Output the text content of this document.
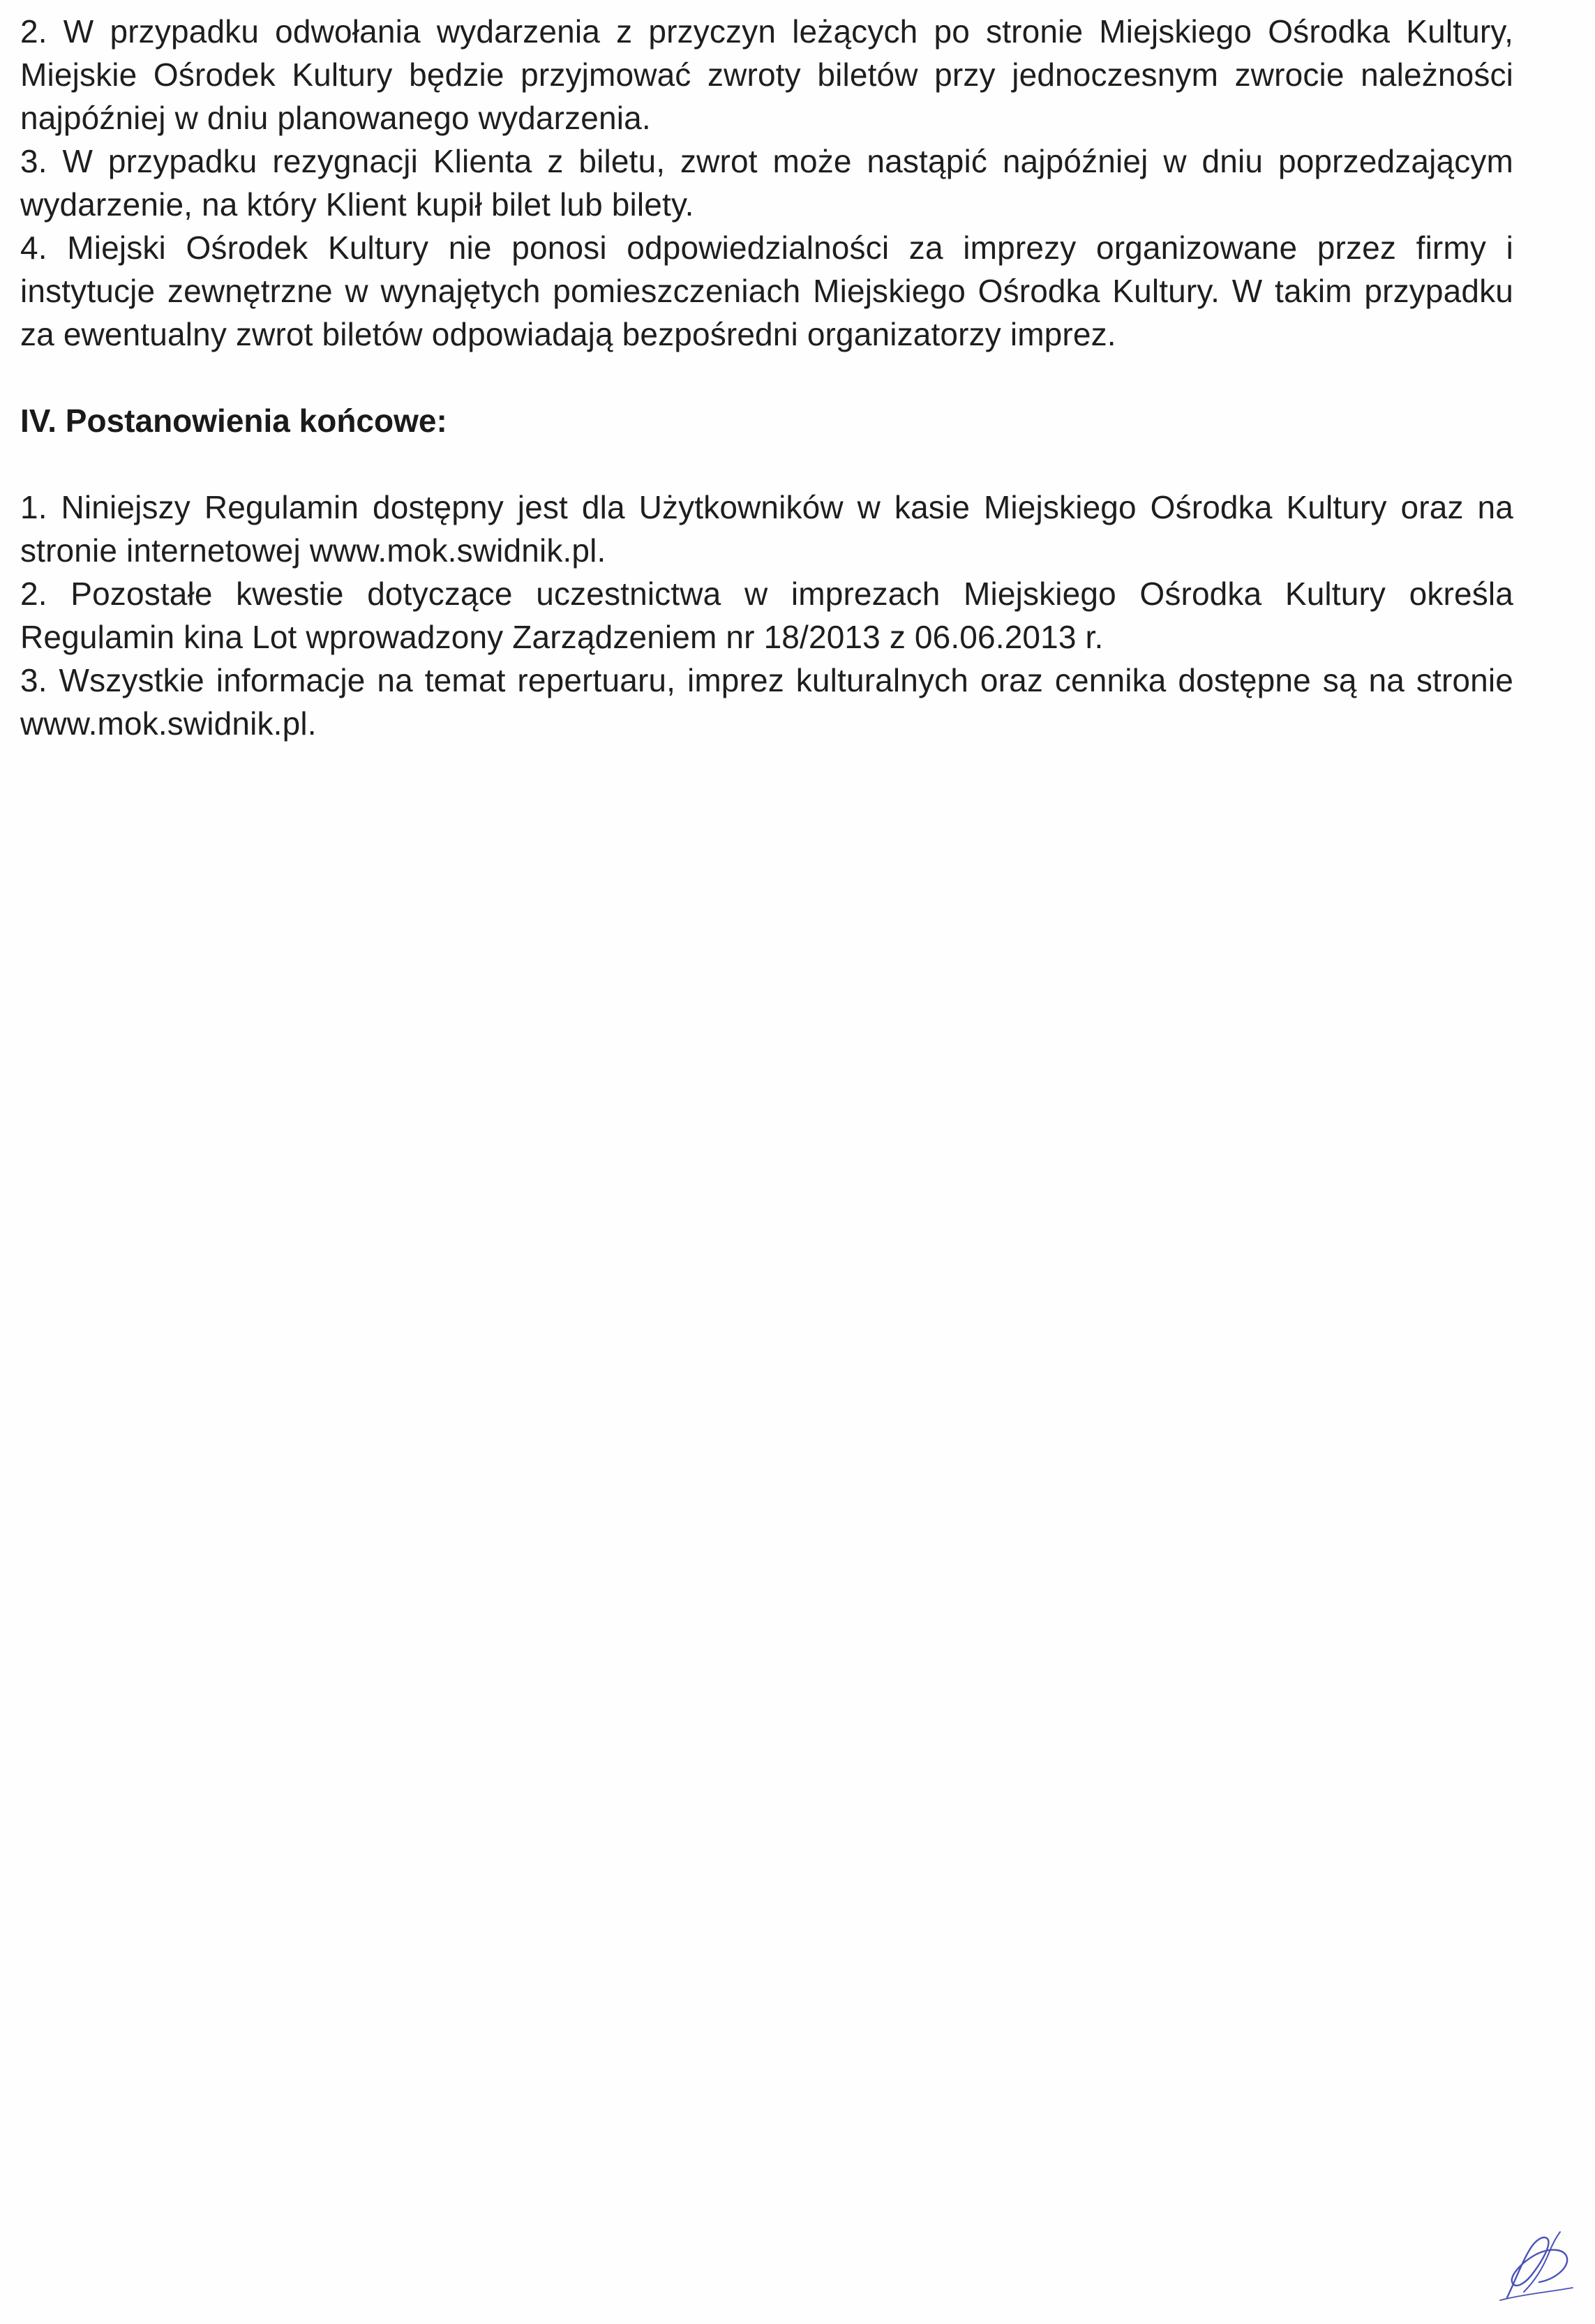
2. W przypadku odwołania wydarzenia z przyczyn leżących po stronie Miejskiego Ośrodka Kultury, Miejskie Ośrodek Kultury będzie przyjmować zwroty biletów przy jednoczesnym zwrocie należności najpóźniej w dniu planowanego wydarzenia.

3. W przypadku rezygnacji Klienta z biletu, zwrot może nastąpić najpóźniej w dniu poprzedzającym wydarzenie, na który Klient kupił bilet lub bilety.

4. Miejski Ośrodek Kultury nie ponosi odpowiedzialności za imprezy organizowane przez firmy i instytucje zewnętrzne w wynajętych pomieszczeniach Miejskiego Ośrodka Kultury. W takim przypadku za ewentualny zwrot biletów odpowiadają bezpośredni organizatorzy imprez.

IV. Postanowienia końcowe:

1. Niniejszy Regulamin dostępny jest dla Użytkowników w kasie Miejskiego Ośrodka Kultury oraz na stronie internetowej www.mok.swidnik.pl.

2. Pozostałe kwestie dotyczące uczestnictwa w imprezach Miejskiego Ośrodka Kultury określa Regulamin kina Lot wprowadzony Zarządzeniem nr 18/2013 z 06.06.2013 r.

3. Wszystkie informacje na temat repertuaru, imprez kulturalnych oraz cennika dostępne są na stronie www.mok.swidnik.pl.
